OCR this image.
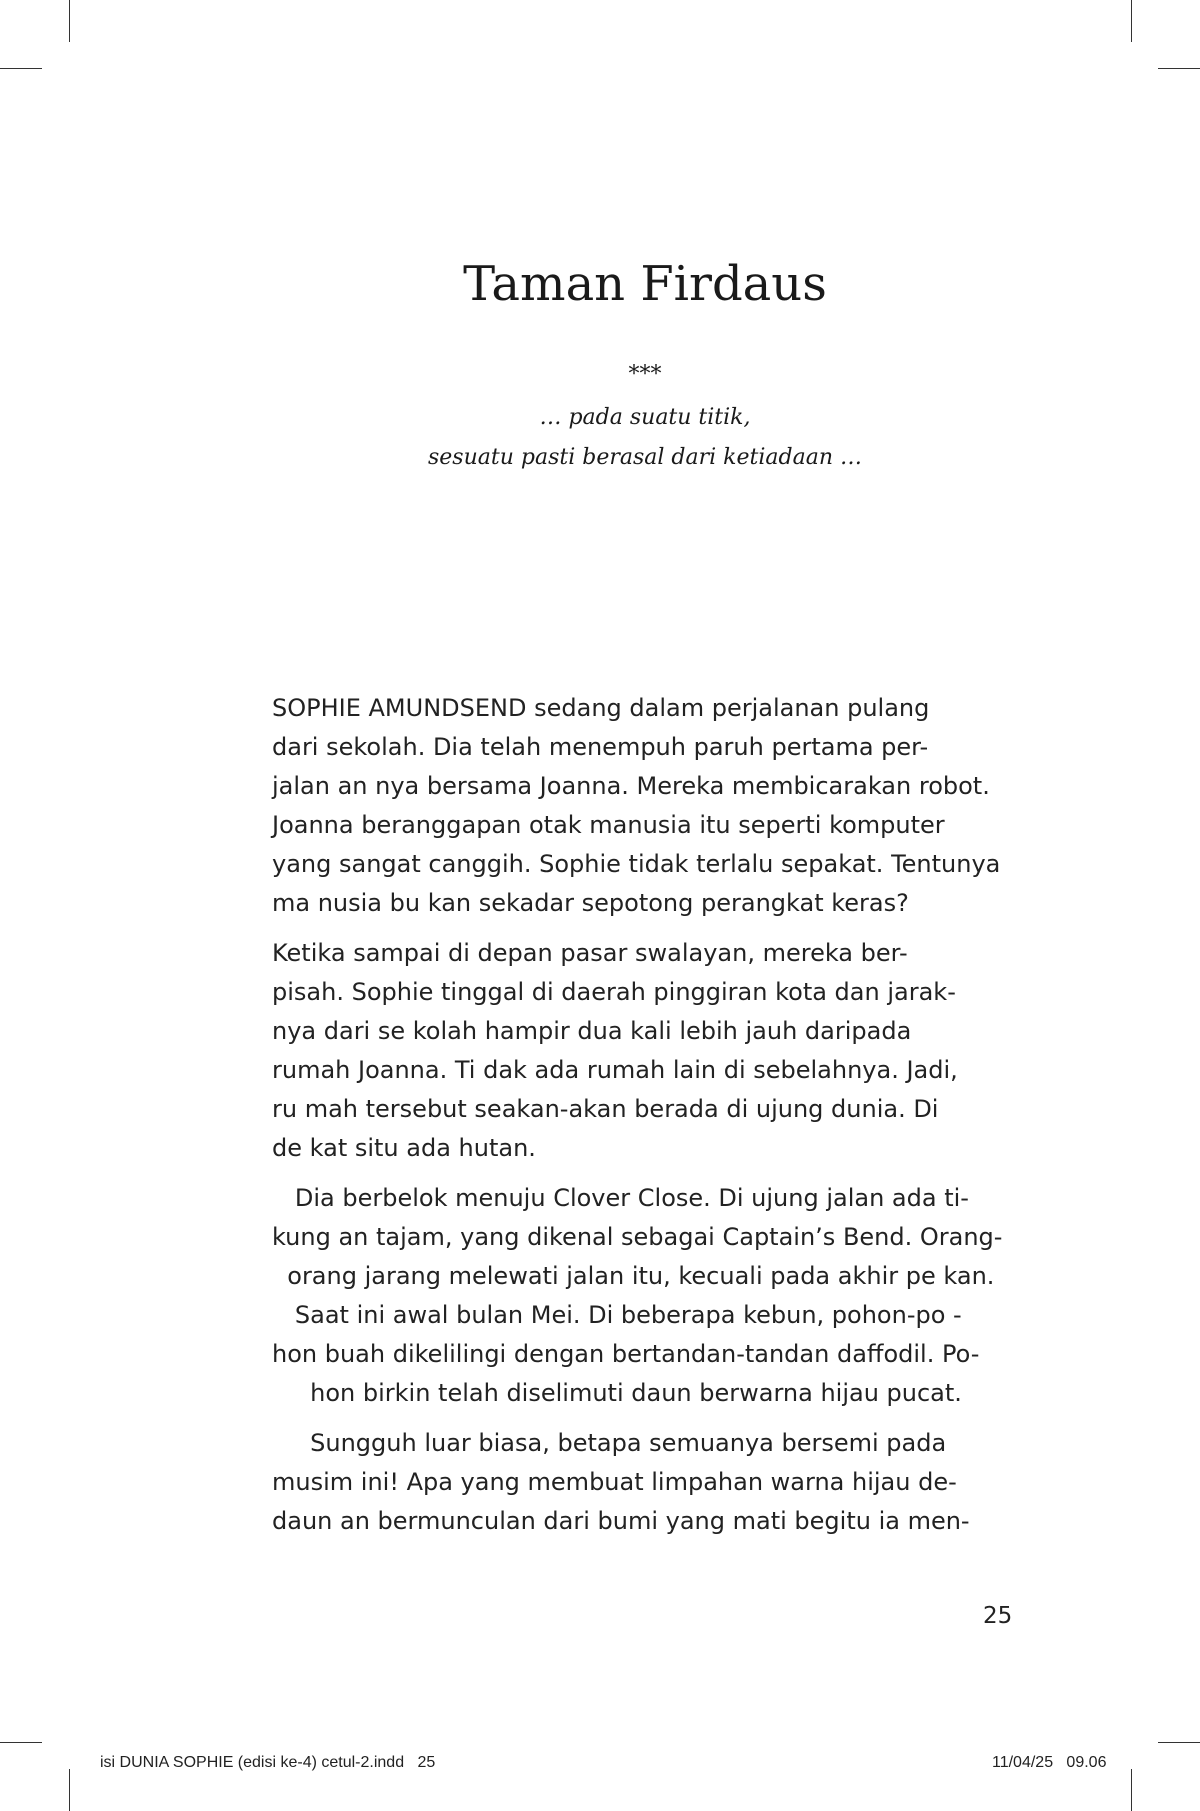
Taman Firdaus
***
… pada suatu titik,
sesuatu pasti berasal dari ketiadaan …
SOPHIE AMUNDSEND sedang dalam perjalanan pulang
dari sekolah. Dia telah menempuh paruh pertama per-
jalan an nya bersama Joanna. Mereka membicarakan robot.
Joanna beranggapan otak manusia itu seperti komputer
yang sangat canggih. Sophie tidak terlalu sepakat. Tentunya
ma nusia bu kan sekadar sepotong perangkat keras?
Ketika sampai di depan pasar swalayan, mereka ber-
pisah. Sophie tinggal di daerah pinggiran kota dan jarak-
nya dari se kolah hampir dua kali lebih jauh daripada
rumah Joanna. Ti dak ada rumah lain di sebelahnya. Jadi,
ru mah tersebut seakan-akan berada di ujung dunia. Di
de kat situ ada hutan.
Dia berbelok menuju Clover Close. Di ujung jalan ada ti-
kung an tajam, yang dikenal sebagai Captain’s Bend. Orang-
orang jarang melewati jalan itu, kecuali pada akhir pe kan.
Saat ini awal bulan Mei. Di beberapa kebun, pohon-po -
hon buah dikelilingi dengan bertandan-tandan daffodil. Po-
hon birkin telah diselimuti daun berwarna hijau pucat.
Sungguh luar biasa, betapa semuanya bersemi pada
musim ini! Apa yang membuat limpahan warna hijau de-
daun an bermunculan dari bumi yang mati begitu ia men-
25
isi DUNIA SOPHIE (edisi ke-4) cetul-2.indd   25	11/04/25   09.06
